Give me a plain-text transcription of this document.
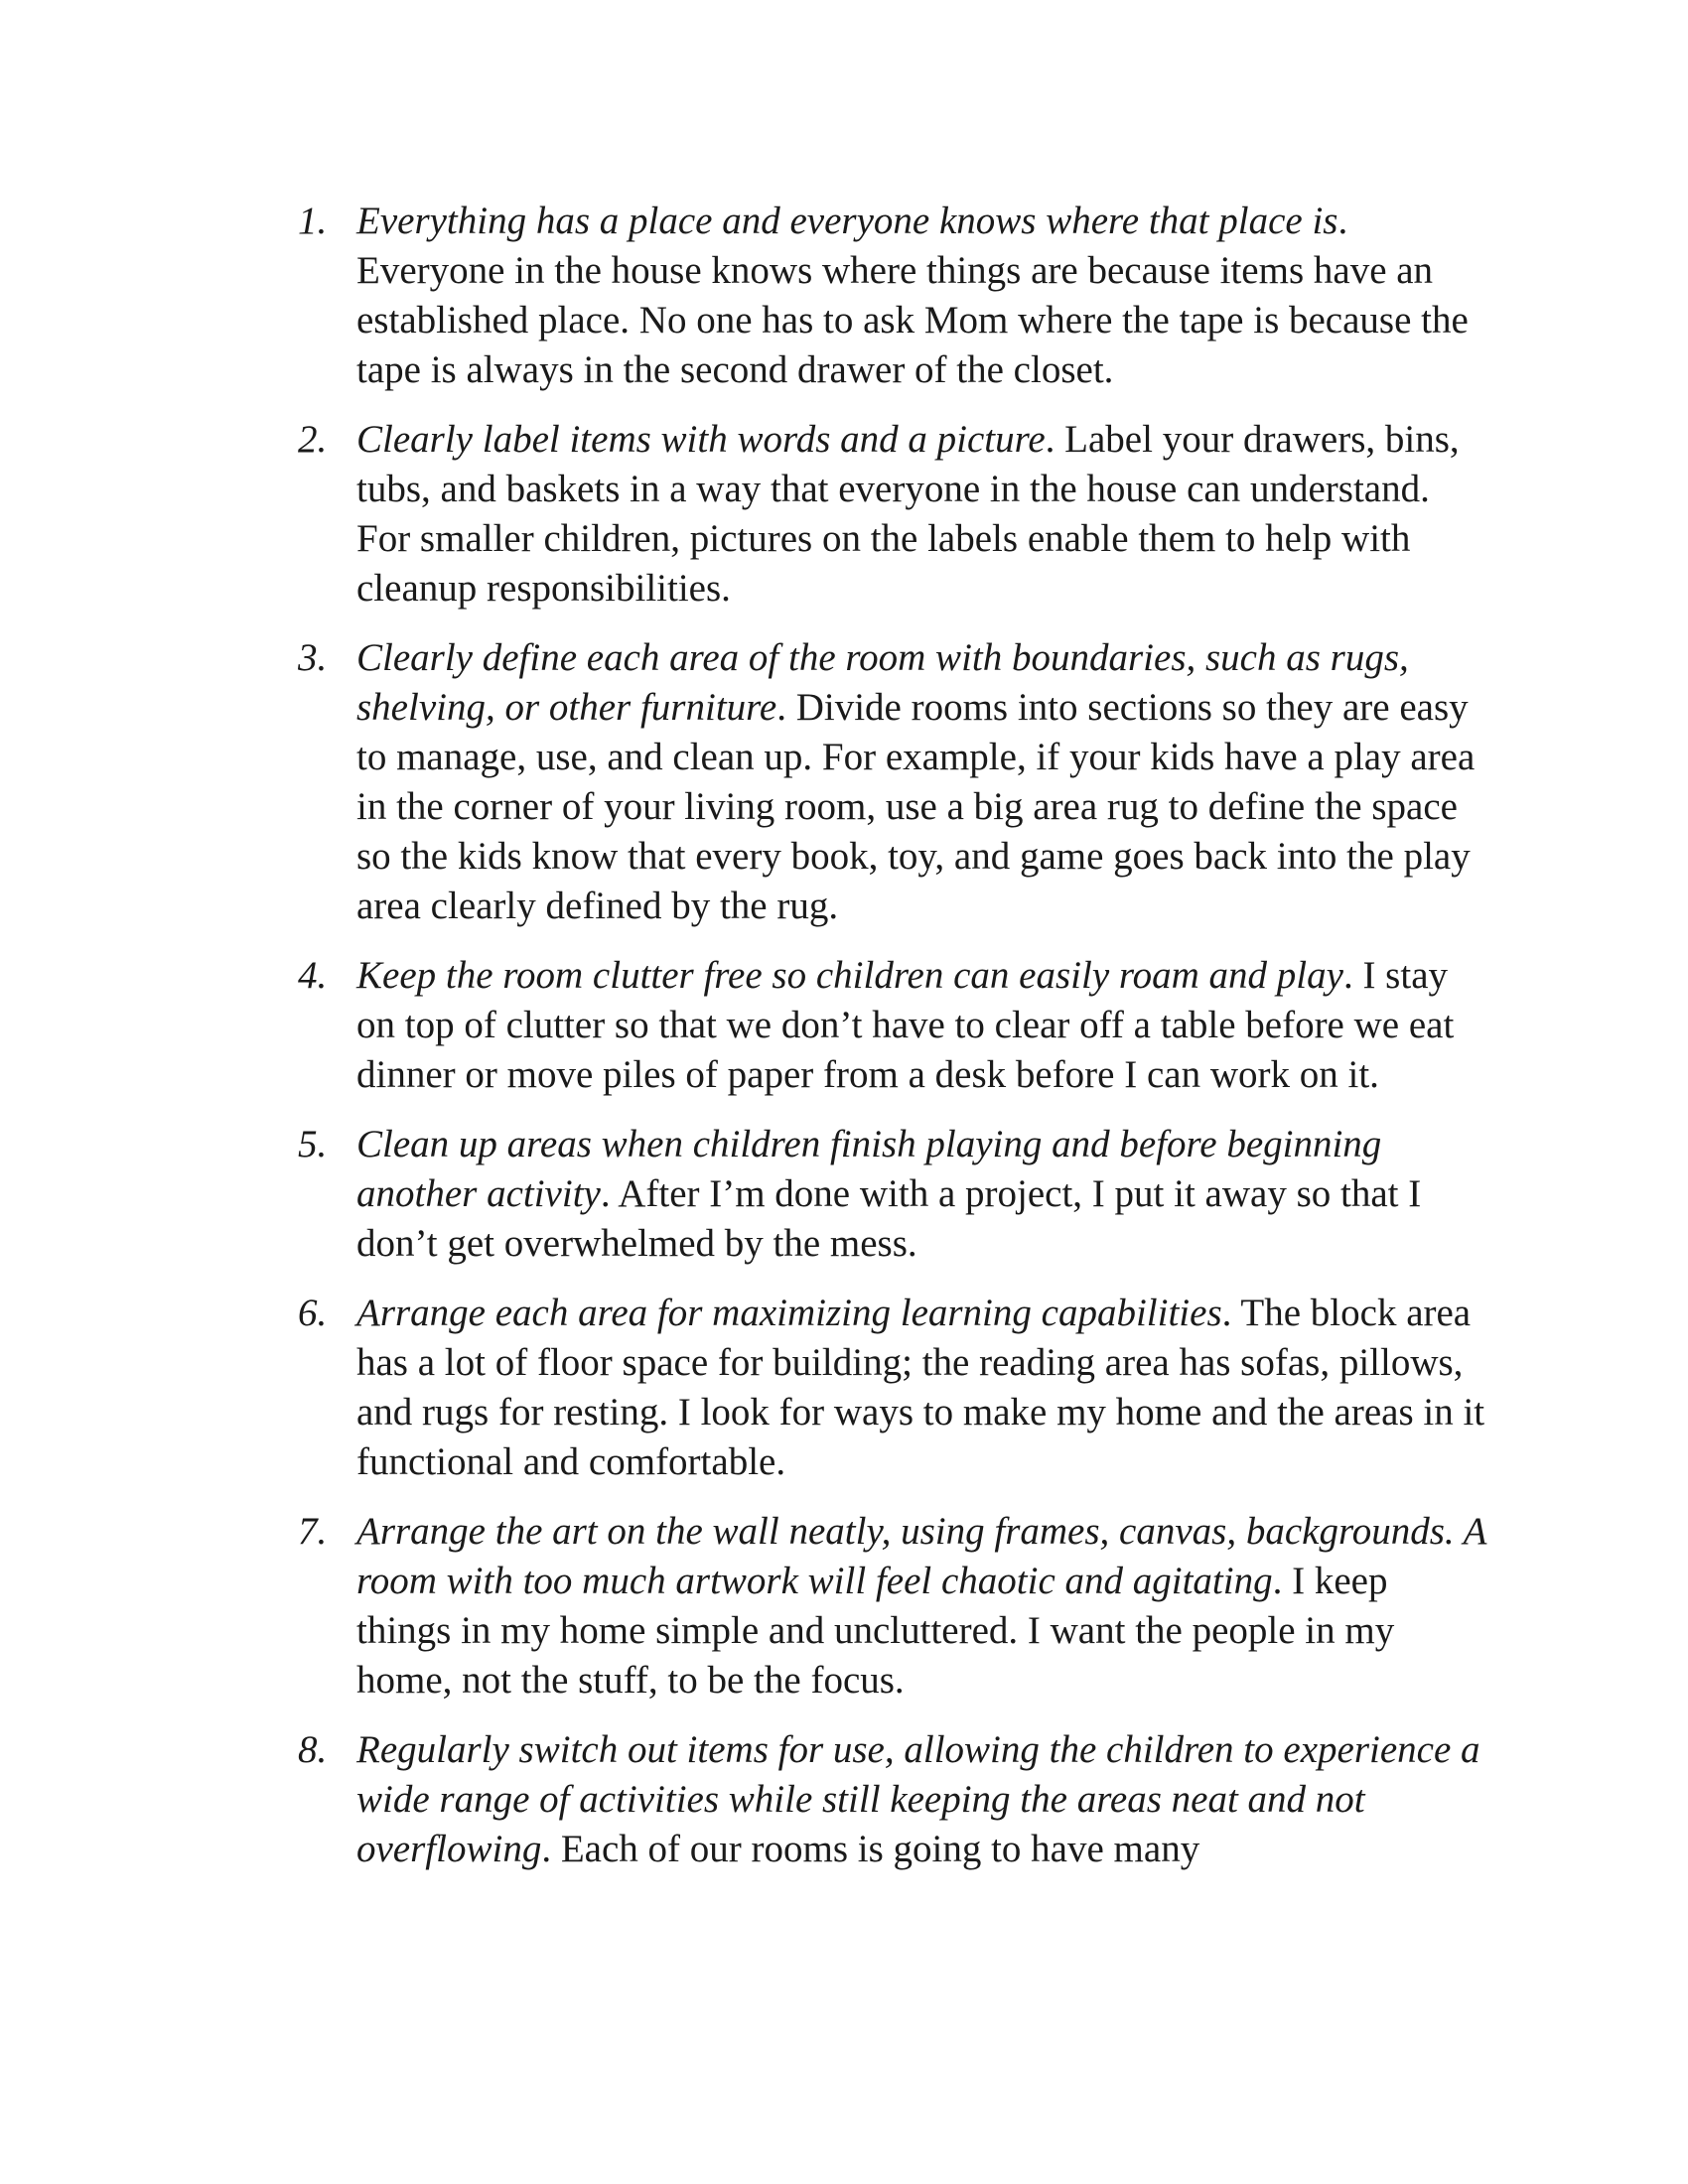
1. Everything has a place and everyone knows where that place is. Everyone in the house knows where things are because items have an established place. No one has to ask Mom where the tape is because the tape is always in the second drawer of the closet.
2. Clearly label items with words and a picture. Label your drawers, bins, tubs, and baskets in a way that everyone in the house can understand. For smaller children, pictures on the labels enable them to help with cleanup responsibilities.
3. Clearly define each area of the room with boundaries, such as rugs, shelving, or other furniture. Divide rooms into sections so they are easy to manage, use, and clean up. For example, if your kids have a play area in the corner of your living room, use a big area rug to define the space so the kids know that every book, toy, and game goes back into the play area clearly defined by the rug.
4. Keep the room clutter free so children can easily roam and play. I stay on top of clutter so that we don’t have to clear off a table before we eat dinner or move piles of paper from a desk before I can work on it.
5. Clean up areas when children finish playing and before beginning another activity. After I’m done with a project, I put it away so that I don’t get overwhelmed by the mess.
6. Arrange each area for maximizing learning capabilities. The block area has a lot of floor space for building; the reading area has sofas, pillows, and rugs for resting. I look for ways to make my home and the areas in it functional and comfortable.
7. Arrange the art on the wall neatly, using frames, canvas, backgrounds. A room with too much artwork will feel chaotic and agitating. I keep things in my home simple and uncluttered. I want the people in my home, not the stuff, to be the focus.
8. Regularly switch out items for use, allowing the children to experience a wide range of activities while still keeping the areas neat and not overflowing. Each of our rooms is going to have many
